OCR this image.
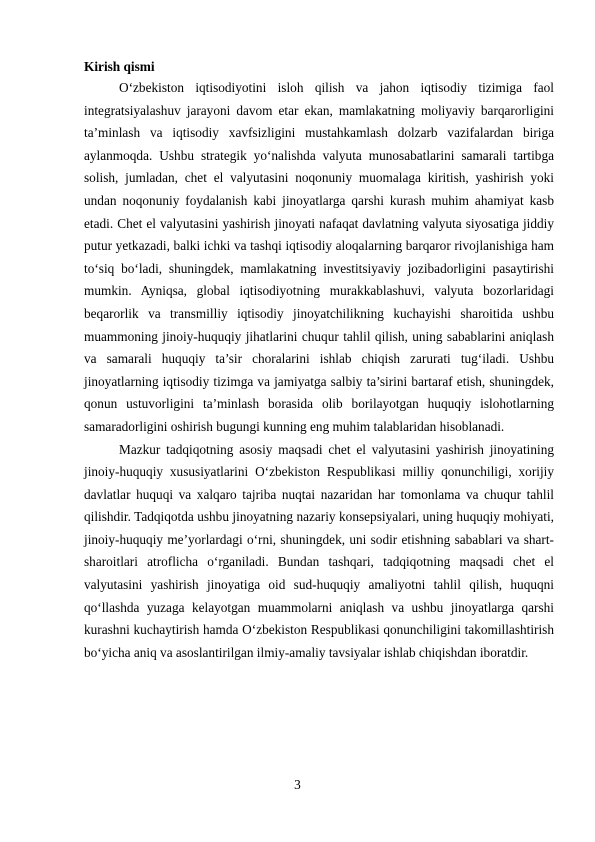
Kirish qismi

O‘zbekiston iqtisodiyotini isloh qilish va jahon iqtisodiy tizimiga faol integratsiyalashuv jarayoni davom etar ekan, mamlakatning moliyaviy barqarorligini ta’minlash va iqtisodiy xavfsizligini mustahkamlash dolzarb vazifalardan biriga aylanmoqda. Ushbu strategik yo‘nalishda valyuta munosabatlarini samarali tartibga solish, jumladan, chet el valyutasini noqonuniy muomalaga kiritish, yashirish yoki undan noqonuniy foydalanish kabi jinoyatlarga qarshi kurash muhim ahamiyat kasb etadi. Chet el valyutasini yashirish jinoyati nafaqat davlatning valyuta siyosatiga jiddiy putur yetkazadi, balki ichki va tashqi iqtisodiy aloqalarning barqaror rivojlanishiga ham to‘siq bo‘ladi, shuningdek, mamlakatning investitsiyaviy jozibadorligini pasaytirishi mumkin. Ayniqsa, global iqtisodiyotning murakkablashuvi, valyuta bozorlaridagi beqarorlik va transmilliy iqtisodiy jinoyatchilikning kuchayishi sharoitida ushbu muammoning jinoiy-huquqiy jihatlarini chuqur tahlil qilish, uning sabablarini aniqlash va samarali huquqiy ta’sir choralarini ishlab chiqish zarurati tug‘iladi. Ushbu jinoyatlarning iqtisodiy tizimga va jamiyatga salbiy ta’sirini bartaraf etish, shuningdek, qonun ustuvorligini ta’minlash borasida olib borilayotgan huquqiy islohotlarning samaradorligini oshirish bugungi kunning eng muhim talablaridan hisoblanadi.

Mazkur tadqiqotning asosiy maqsadi chet el valyutasini yashirish jinoyatining jinoiy-huquqiy xususiyatlarini O‘zbekiston Respublikasi milliy qonunchiligi, xorijiy davlatlar huquqi va xalqaro tajriba nuqtai nazaridan har tomonlama va chuqur tahlil qilishdir. Tadqiqotda ushbu jinoyatning nazariy konsepsiyalari, uning huquqiy mohiyati, jinoiy-huquqiy me’yorlardagi o‘rni, shuningdek, uni sodir etishning sabablari va shart-sharoitlari atroflicha o‘rganiladi. Bundan tashqari, tadqiqotning maqsadi chet el valyutasini yashirish jinoyatiga oid sud-huquqiy amaliyotni tahlil qilish, huquqni qo‘llashda yuzaga kelayotgan muammolarni aniqlash va ushbu jinoyatlarga qarshi kurashni kuchaytirish hamda O‘zbekiston Respublikasi qonunchiligini takomillashtirish bo‘yicha aniq va asoslantirilgan ilmiy-amaliy tavsiyalar ishlab chiqishdan iboratdir.

3
